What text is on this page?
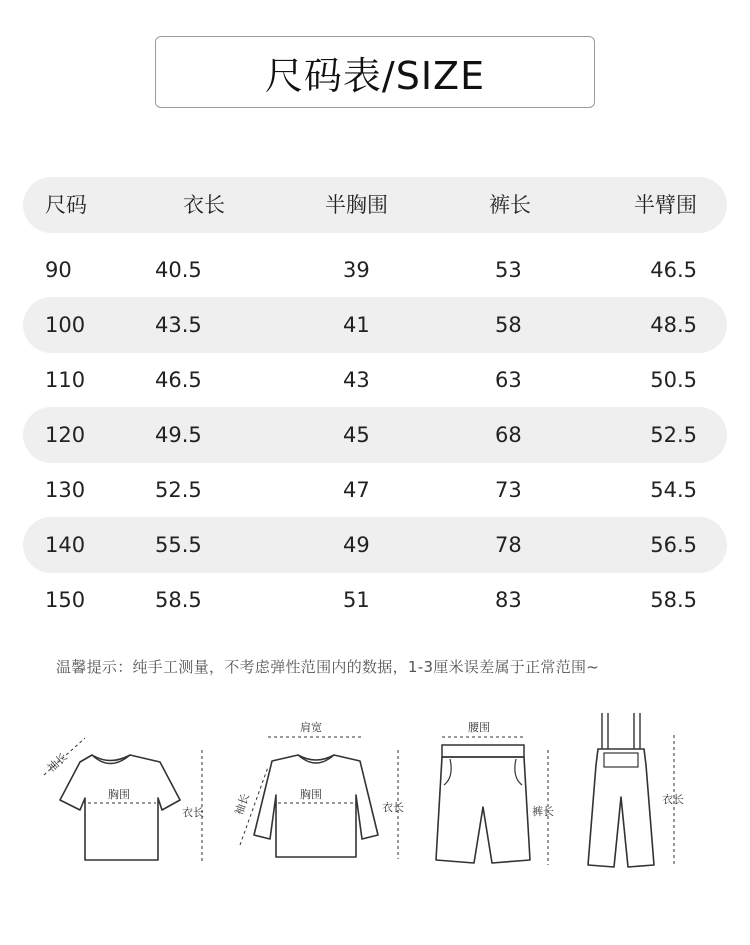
尺码表/SIZE
尺码	衣长	半胸围	裤长	半臂围
90	40.5	39	53	46.5
100	43.5	41	58	48.5
110	46.5	43	63	50.5
120	49.5	45	68	52.5
130	52.5	47	73	54.5
140	55.5	49	78	56.5
150	58.5	51	83	58.5
温馨提示：纯手工测量，不考虑弹性范围内的数据，1-3厘米误差属于正常范围~
袖长
胸围
衣长
肩宽
袖长	胸围
衣长
腰围
裤长
衣长
